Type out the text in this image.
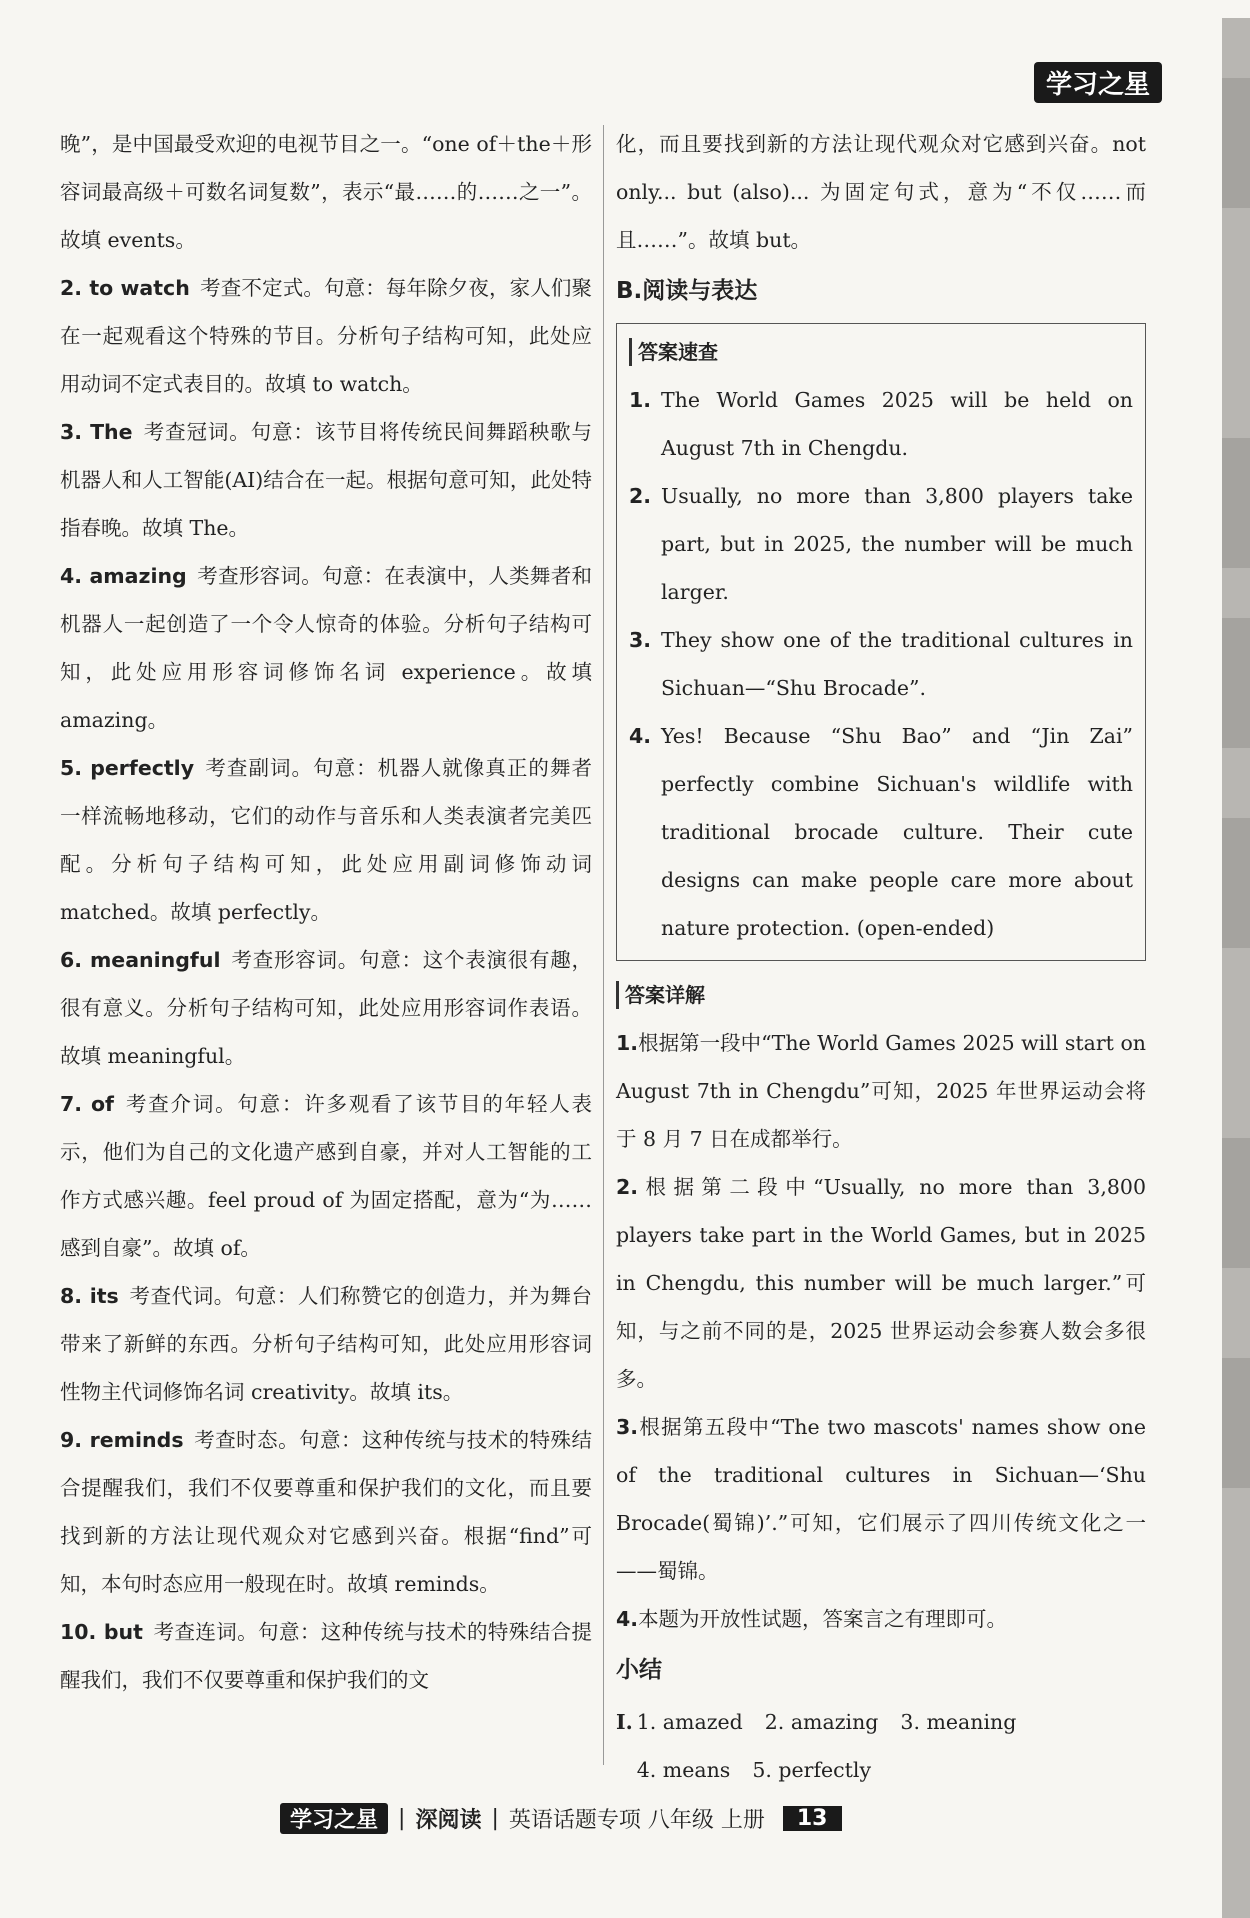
学习之星

晚”，是中国最受欢迎的电视节目之一。“one of＋the＋形容词最高级＋可数名词复数”，表示“最……的……之一”。故填 events。

2. to watch  考查不定式。句意：每年除夕夜，家人们聚在一起观看这个特殊的节目。分析句子结构可知，此处应用动词不定式表目的。故填 to watch。

3. The  考查冠词。句意：该节目将传统民间舞蹈秧歌与机器人和人工智能(AI)结合在一起。根据句意可知，此处特指春晚。故填 The。

4. amazing  考查形容词。句意：在表演中，人类舞者和机器人一起创造了一个令人惊奇的体验。分析句子结构可知，此处应用形容词修饰名词 experience。故填 amazing。

5. perfectly  考查副词。句意：机器人就像真正的舞者一样流畅地移动，它们的动作与音乐和人类表演者完美匹配。分析句子结构可知，此处应用副词修饰动词 matched。故填 perfectly。

6. meaningful  考查形容词。句意：这个表演很有趣，很有意义。分析句子结构可知，此处应用形容词作表语。故填 meaningful。

7. of  考查介词。句意：许多观看了该节目的年轻人表示，他们为自己的文化遗产感到自豪，并对人工智能的工作方式感兴趣。feel proud of 为固定搭配，意为“为……感到自豪”。故填 of。

8. its  考查代词。句意：人们称赞它的创造力，并为舞台带来了新鲜的东西。分析句子结构可知，此处应用形容词性物主代词修饰名词 creativity。故填 its。

9. reminds  考查时态。句意：这种传统与技术的特殊结合提醒我们，我们不仅要尊重和保护我们的文化，而且要找到新的方法让现代观众对它感到兴奋。根据“find”可知，本句时态应用一般现在时。故填 reminds。

10. but  考查连词。句意：这种传统与技术的特殊结合提醒我们，我们不仅要尊重和保护我们的文

化，而且要找到新的方法让现代观众对它感到兴奋。not only... but (also)... 为固定句式，意为“不仅……而且……”。故填 but。

B.阅读与表达
答案速查
1. The World Games 2025 will be held on August 7th in Chengdu.
2. Usually, no more than 3,800 players take part, but in 2025, the number will be much larger.
3. They show one of the traditional cultures in Sichuan—“Shu Brocade”.
4. Yes! Because “Shu Bao” and “Jin Zai” perfectly combine Sichuan's wildlife with traditional brocade culture. Their cute designs can make people care more about nature protection. (open-ended)
答案详解

1.根据第一段中“The World Games 2025 will start on August 7th in Chengdu”可知，2025 年世界运动会将于 8 月 7 日在成都举行。

2.根据第二段中“Usually, no more than 3,800 players take part in the World Games, but in 2025 in Chengdu, this number will be much larger.”可知，与之前不同的是，2025 世界运动会参赛人数会多很多。

3.根据第五段中“The two mascots' names show one of the traditional cultures in Sichuan—‘Shu Brocade(蜀锦)’.”可知，它们展示了四川传统文化之一——蜀锦。

4.本题为开放性试题，答案言之有理即可。

小结
Ⅰ. 1. amazed 2. amazing 3. meaning
4. means 5. perfectly
学习之星 | 深阅读 | 英语话题专项 八年级 上册	13
